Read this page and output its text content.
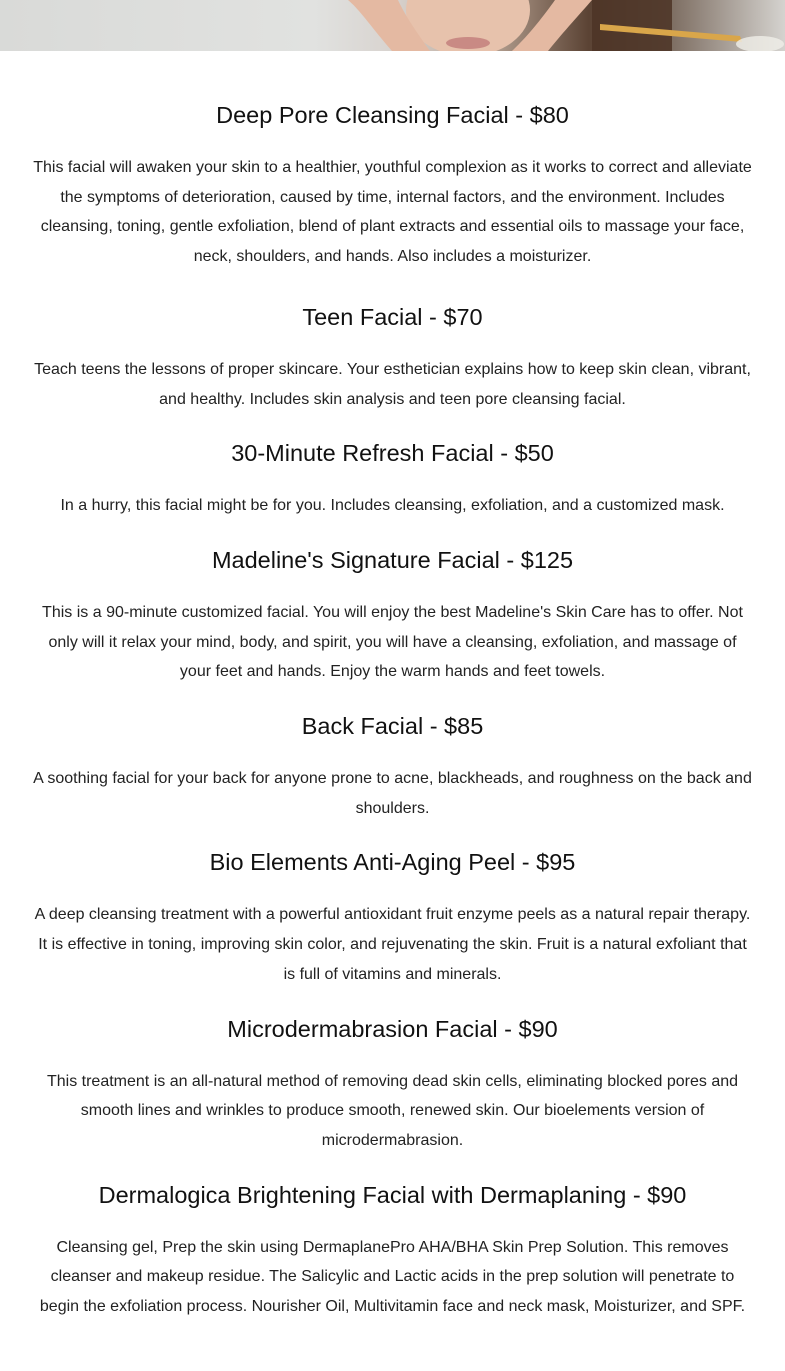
Deep Pore Cleansing Facial - $80

This facial will awaken your skin to a healthier, youthful complexion as it works to correct and alleviate the symptoms of deterioration, caused by time, internal factors, and the environment. Includes cleansing, toning, gentle exfoliation, blend of plant extracts and essential oils to massage your face, neck, shoulders, and hands. Also includes a moisturizer.

Teen Facial - $70

Teach teens the lessons of proper skincare. Your esthetician explains how to keep skin clean, vibrant, and healthy. Includes skin analysis and teen pore cleansing facial.

30-Minute Refresh Facial - $50

In a hurry, this facial might be for you. Includes cleansing, exfoliation, and a customized mask.

Madeline's Signature Facial - $125

This is a 90-minute customized facial. You will enjoy the best Madeline's Skin Care has to offer. Not only will it relax your mind, body, and spirit, you will have a cleansing, exfoliation, and massage of your feet and hands. Enjoy the warm hands and feet towels.

Back Facial - $85

A soothing facial for your back for anyone prone to acne, blackheads, and roughness on the back and shoulders.

Bio Elements Anti-Aging Peel - $95

A deep cleansing treatment with a powerful antioxidant fruit enzyme peels as a natural repair therapy. It is effective in toning, improving skin color, and rejuvenating the skin. Fruit is a natural exfoliant that is full of vitamins and minerals.

Microdermabrasion Facial - $90

This treatment is an all-natural method of removing dead skin cells, eliminating blocked pores and smooth lines and wrinkles to produce smooth, renewed skin. Our bioelements version of microdermabrasion.

Dermalogica Brightening Facial with Dermaplaning - $90

Cleansing gel, Prep the skin using DermaplanePro AHA/BHA Skin Prep Solution. This removes cleanser and makeup residue. The Salicylic and Lactic acids in the prep solution will penetrate to begin the exfoliation process. Nourisher Oil, Multivitamin face and neck mask, Moisturizer, and SPF.
